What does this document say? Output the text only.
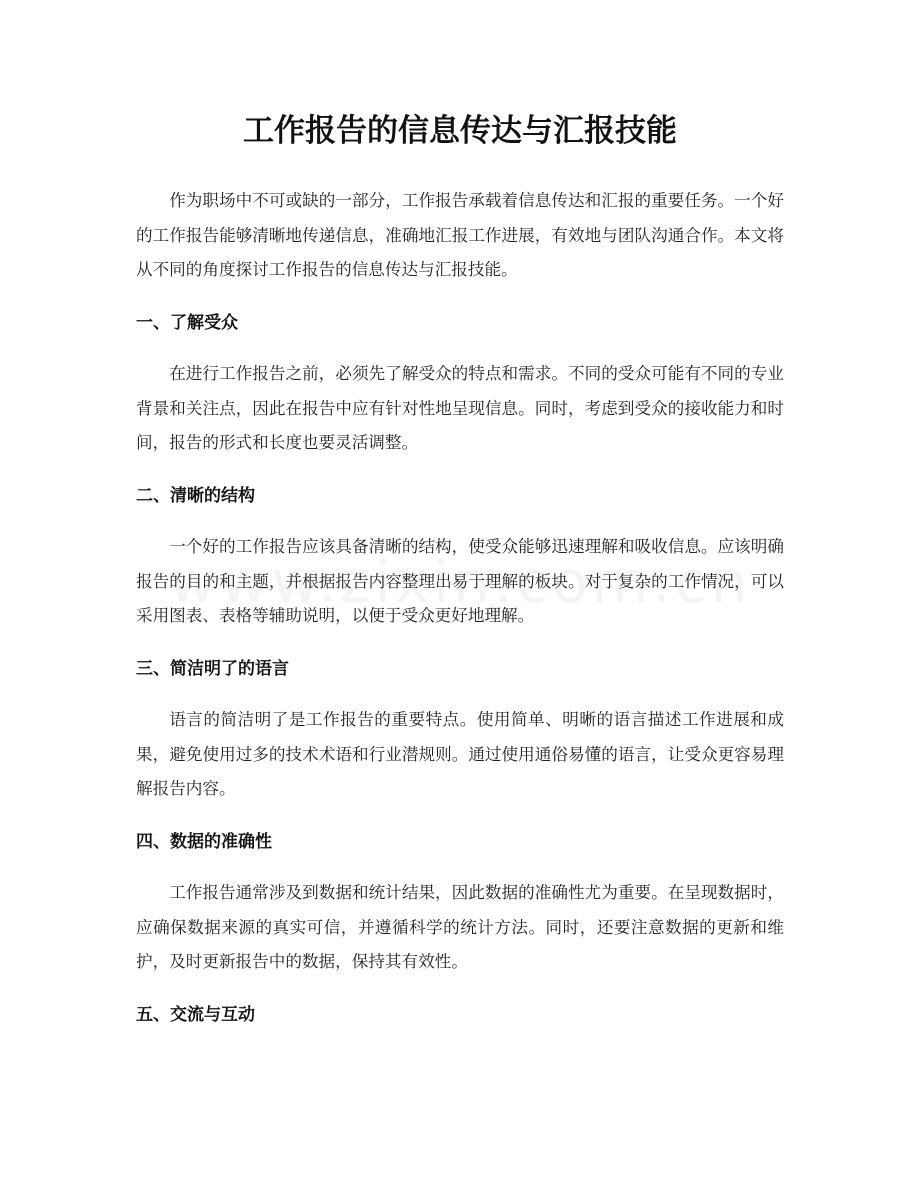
工作报告的信息传达与汇报技能

作为职场中不可或缺的一部分，工作报告承载着信息传达和汇报的重要任务。一个好的工作报告能够清晰地传递信息，准确地汇报工作进展，有效地与团队沟通合作。本文将从不同的角度探讨工作报告的信息传达与汇报技能。

一、了解受众

在进行工作报告之前，必须先了解受众的特点和需求。不同的受众可能有不同的专业背景和关注点，因此在报告中应有针对性地呈现信息。同时，考虑到受众的接收能力和时间，报告的形式和长度也要灵活调整。

二、清晰的结构

一个好的工作报告应该具备清晰的结构，使受众能够迅速理解和吸收信息。应该明确报告的目的和主题，并根据报告内容整理出易于理解的板块。对于复杂的工作情况，可以采用图表、表格等辅助说明，以便于受众更好地理解。

三、简洁明了的语言

语言的简洁明了是工作报告的重要特点。使用简单、明晰的语言描述工作进展和成果，避免使用过多的技术术语和行业潜规则。通过使用通俗易懂的语言，让受众更容易理解报告内容。

四、数据的准确性

工作报告通常涉及到数据和统计结果，因此数据的准确性尤为重要。在呈现数据时，应确保数据来源的真实可信，并遵循科学的统计方法。同时，还要注意数据的更新和维护，及时更新报告中的数据，保持其有效性。

五、交流与互动
